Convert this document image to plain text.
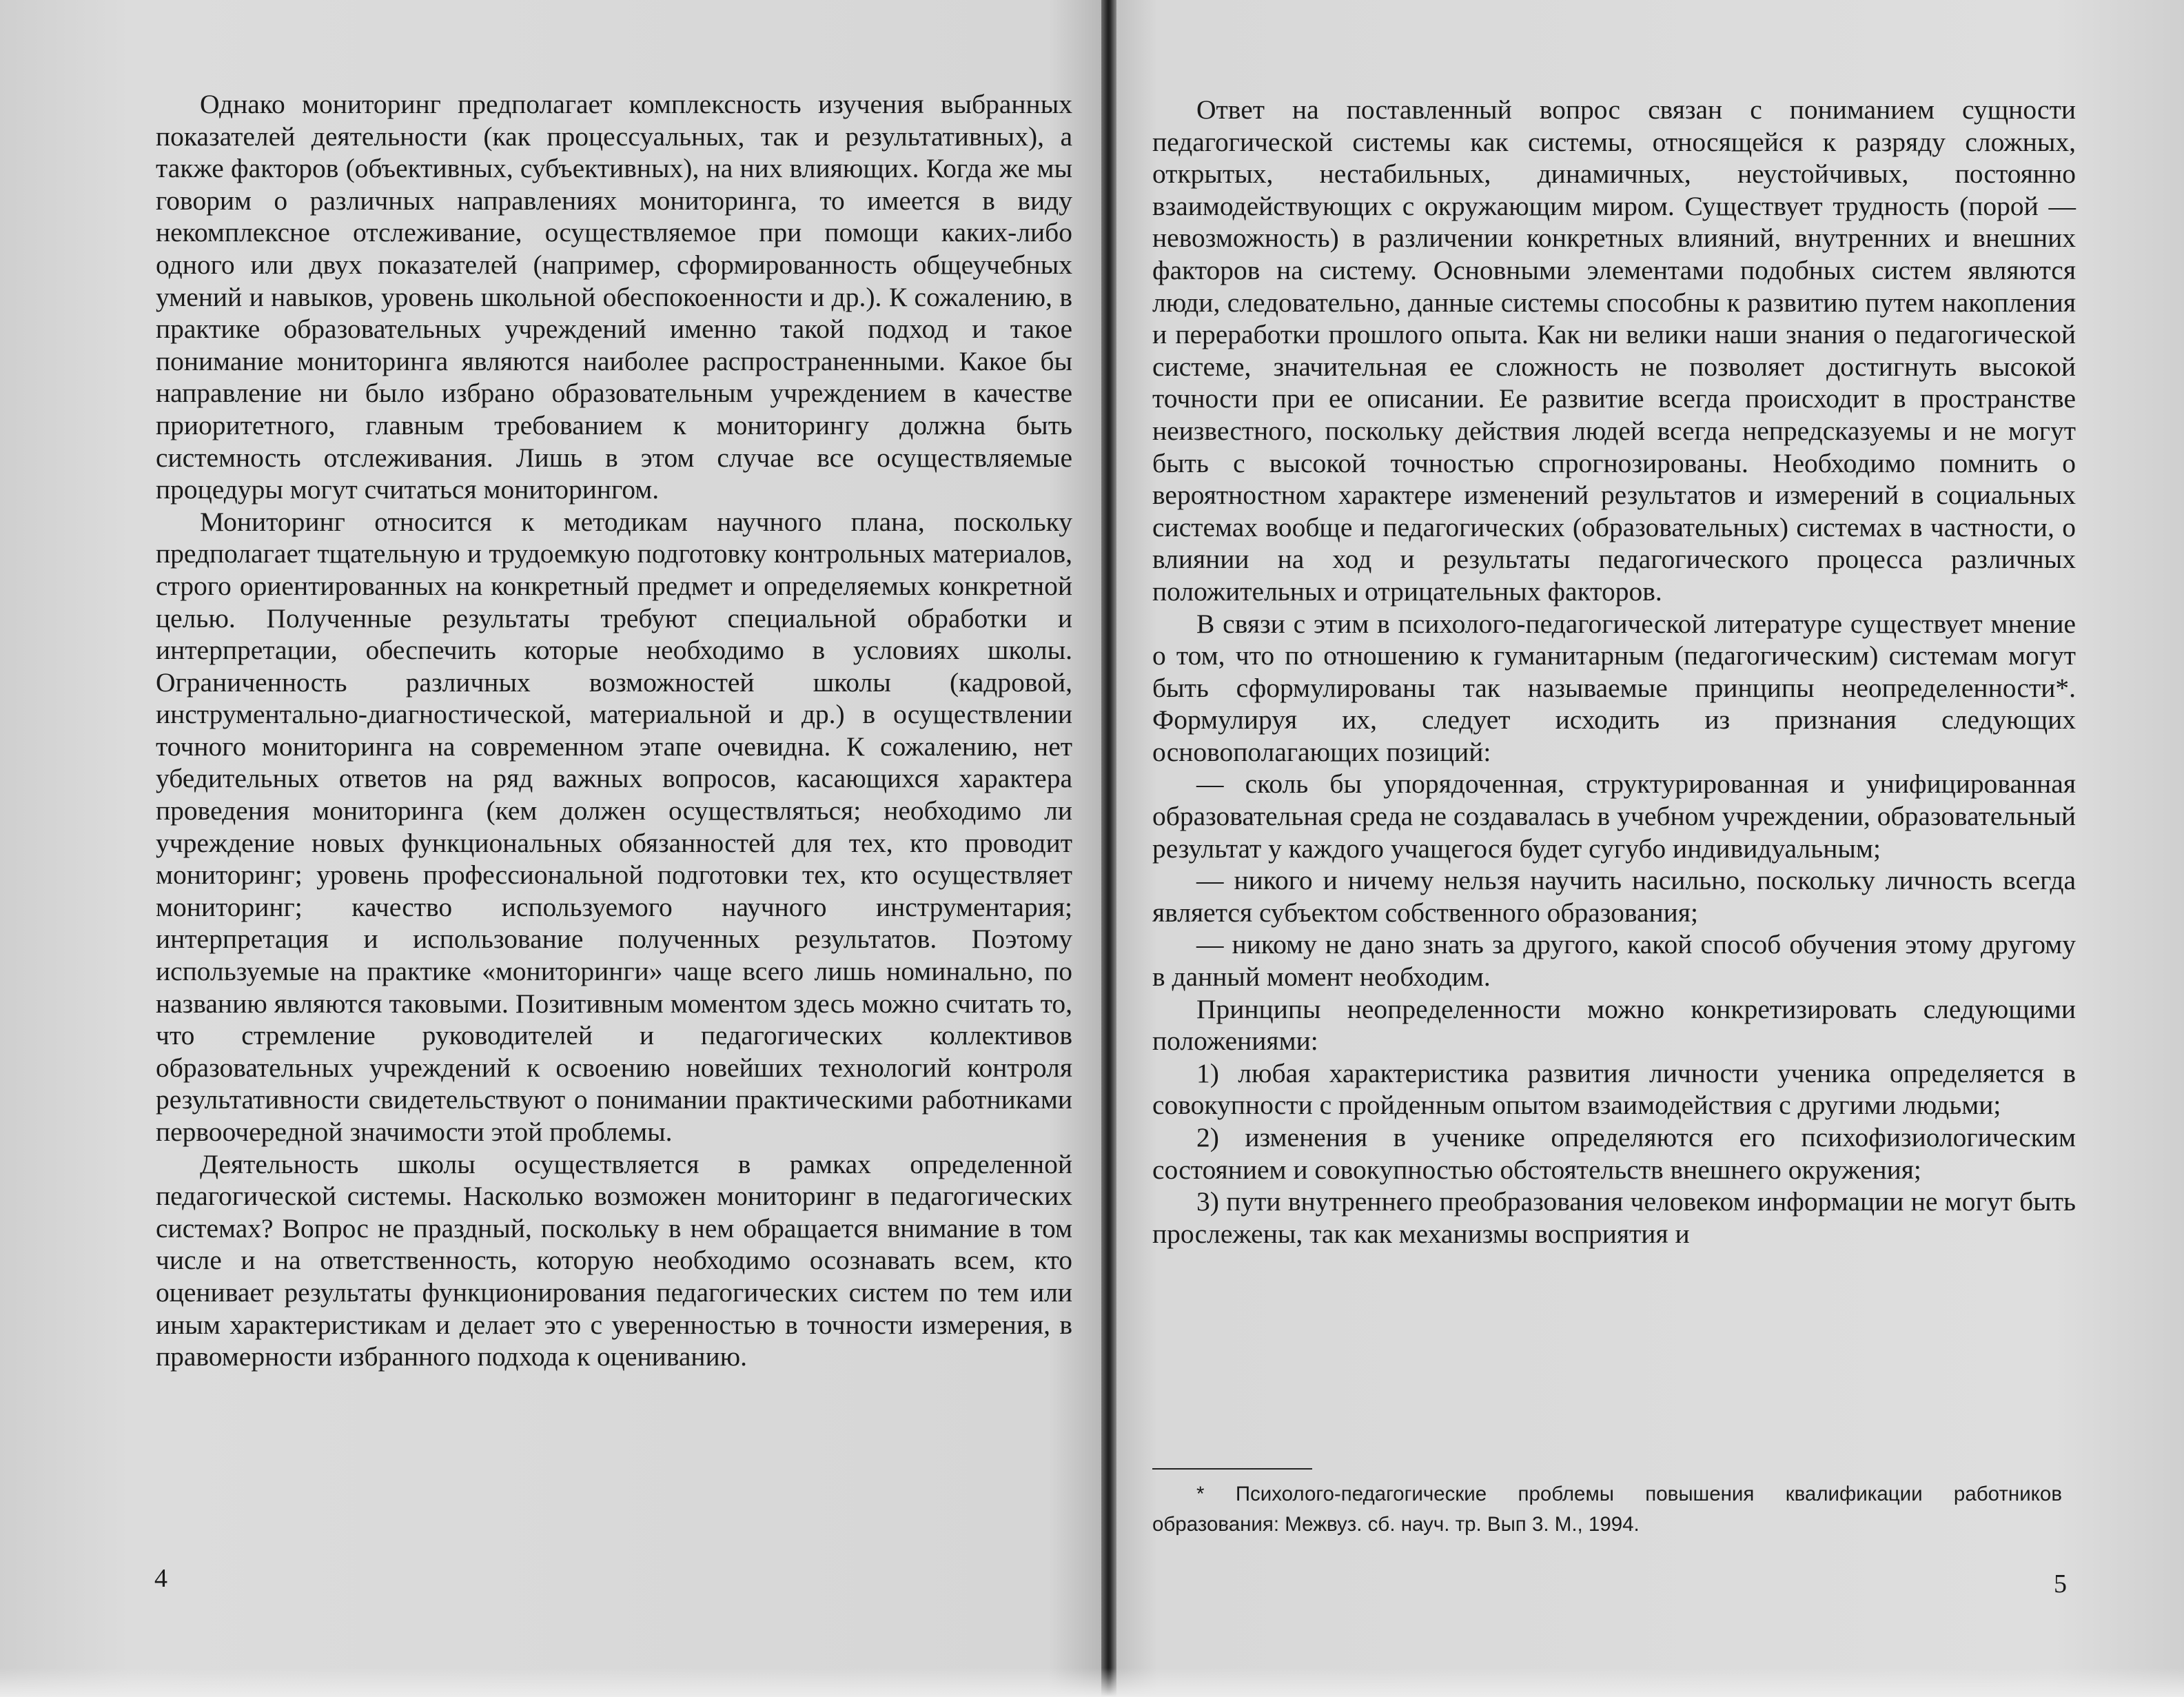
Однако мониторинг предполагает комплексность изучения выбранных показателей деятельности (как процессуальных, так и результативных), а также факторов (объективных, субъективных), на них влияющих. Когда же мы говорим о различных направлениях мониторинга, то имеется в виду некомплексное отслеживание, осуществляемое при помощи каких-либо одного или двух показателей (например, сформированность общеучебных умений и навыков, уровень школьной обеспокоенности и др.). К сожалению, в практике образовательных учреждений именно такой подход и такое понимание мониторинга являются наиболее распространенными. Какое бы направление ни было избрано образовательным учреждением в качестве приоритетного, главным требованием к мониторингу должна быть системность отслеживания. Лишь в этом случае все осуществляемые процедуры могут считаться мониторингом.

Мониторинг относится к методикам научного плана, поскольку предполагает тщательную и трудоемкую подготовку контрольных материалов, строго ориентированных на конкретный предмет и определяемых конкретной целью. Полученные результаты требуют специальной обработки и интерпретации, обеспечить которые необходимо в условиях школы. Ограниченность различных возможностей школы (кадровой, инструментально-диагностической, материальной и др.) в осуществлении точного мониторинга на современном этапе очевидна. К сожалению, нет убедительных ответов на ряд важных вопросов, касающихся характера проведения мониторинга (кем должен осуществляться; необходимо ли учреждение новых функциональных обязанностей для тех, кто проводит мониторинг; уровень профессиональной подготовки тех, кто осуществляет мониторинг; качество используемого научного инструментария; интерпретация и использование полученных результатов. Поэтому используемые на практике «мониторинги» чаще всего лишь номинально, по названию являются таковыми. Позитивным моментом здесь можно считать то, что стремление руководителей и педагогических коллективов образовательных учреждений к освоению новейших технологий контроля результативности свидетельствуют о понимании практическими работниками первоочередной значимости этой проблемы.

Деятельность школы осуществляется в рамках определенной педагогической системы. Насколько возможен мониторинг в педагогических системах? Вопрос не праздный, поскольку в нем обращается внимание в том числе и на ответственность, которую необходимо осознавать всем, кто оценивает результаты функционирования педагогических систем по тем или иным характеристикам и делает это с уверенностью в точности измерения, в правомерности избранного подхода к оцениванию.

4

Ответ на поставленный вопрос связан с пониманием сущности педагогической системы как системы, относящейся к разряду сложных, открытых, нестабильных, динамичных, неустойчивых, постоянно взаимодействующих с окружающим миром. Существует трудность (порой — невозможность) в различении конкретных влияний, внутренних и внешних факторов на систему. Основными элементами подобных систем являются люди, следовательно, данные системы способны к развитию путем накопления и переработки прошлого опыта. Как ни велики наши знания о педагогической системе, значительная ее сложность не позволяет достигнуть высокой точности при ее описании. Ее развитие всегда происходит в пространстве неизвестного, поскольку действия людей всегда непредсказуемы и не могут быть с высокой точностью спрогнозированы. Необходимо помнить о вероятностном характере изменений результатов и измерений в социальных системах вообще и педагогических (образовательных) системах в частности, о влиянии на ход и результаты педагогического процесса различных положительных и отрицательных факторов.

В связи с этим в психолого-педагогической литературе существует мнение о том, что по отношению к гуманитарным (педагогическим) системам могут быть сформулированы так называемые принципы неопределенности*. Формулируя их, следует исходить из признания следующих основополагающих позиций:

— сколь бы упорядоченная, структурированная и унифицированная образовательная среда не создавалась в учебном учреждении, образовательный результат у каждого учащегося будет сугубо индивидуальным;

— никого и ничему нельзя научить насильно, поскольку личность всегда является субъектом собственного образования;

— никому не дано знать за другого, какой способ обучения этому другому в данный момент необходим.

Принципы неопределенности можно конкретизировать следующими положениями:

1) любая характеристика развития личности ученика определяется в совокупности с пройденным опытом взаимодействия с другими людьми;

2) изменения в ученике определяются его психофизиологическим состоянием и совокупностью обстоятельств внешнего окружения;

3) пути внутреннего преобразования человеком информации не могут быть прослежены, так как механизмы восприятия и

* Психолого-педагогические проблемы повышения квалификации работников образования: Межвуз. сб. науч. тр. Вып 3. М., 1994.

5
